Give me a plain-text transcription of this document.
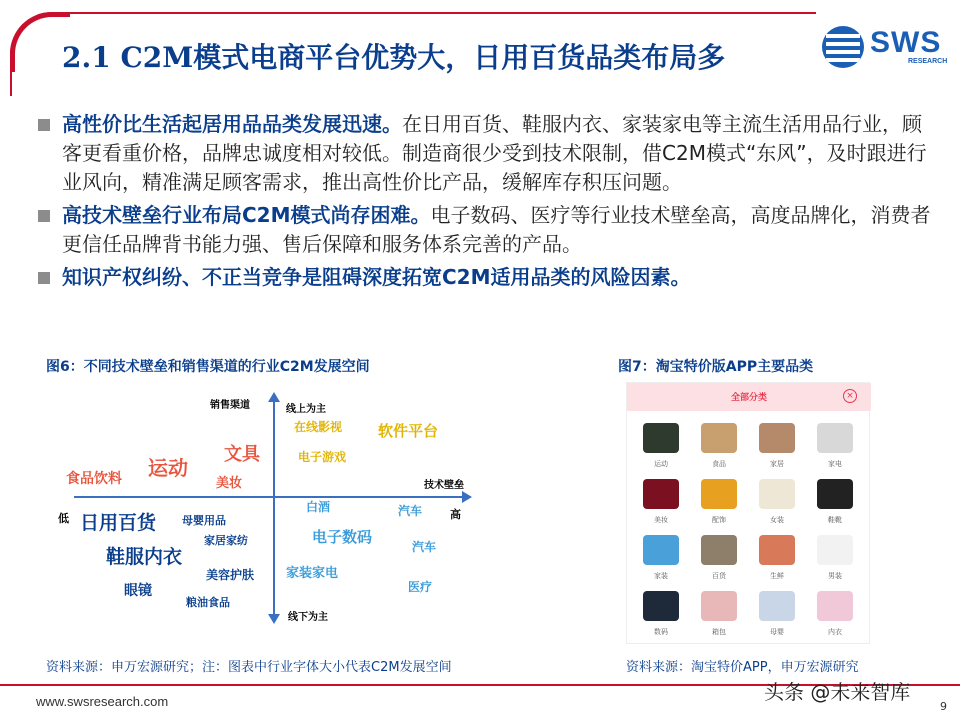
2.1 C2M模式电商平台优势大，日用百货品类布局多	SWS
RESEARCH
高性价比生活起居用品品类发展迅速。在日用百货、鞋服内衣、家装家电等主流生活用品行业，顾客更看重价格，品牌忠诚度相对较低。制造商很少受到技术限制，借C2M模式“东风”，及时跟进行业风向，精准满足顾客需求，推出高性价比产品，缓解库存积压问题。
高技术壁垒行业布局C2M模式尚存困难。电子数码、医疗等行业技术壁垒高，高度品牌化，消费者更信任品牌背书能力强、售后保障和服务体系完善的产品。
知识产权纠纷、不正当竞争是阻碍深度拓宽C2M适用品类的风险因素。
图6：不同技术壁垒和销售渠道的行业C2M发展空间
销售渠道	线上为主
技术壁垒
低	高
线下为主
在线影视 软件平台
电子游戏
文具
运动
食品饮料	美妆
日用百货 母婴用品
家居家纺
鞋服内衣
美容护肤
眼镜
粮油食品
白酒	汽车
电子数码
汽车
家装家电
医疗
资料来源：申万宏源研究；注：图表中行业字体大小代表C2M发展空间
图7：淘宝特价版APP主要品类
全部分类	×
运动	食品	家居	家电
美妆	配饰	女装	鞋靴
家装	百货	生鲜	男装
数码	箱包	母婴	内衣
资料来源：淘宝特价APP，申万宏源研究
www.swsresearch.com	头条 @未来智库
9
